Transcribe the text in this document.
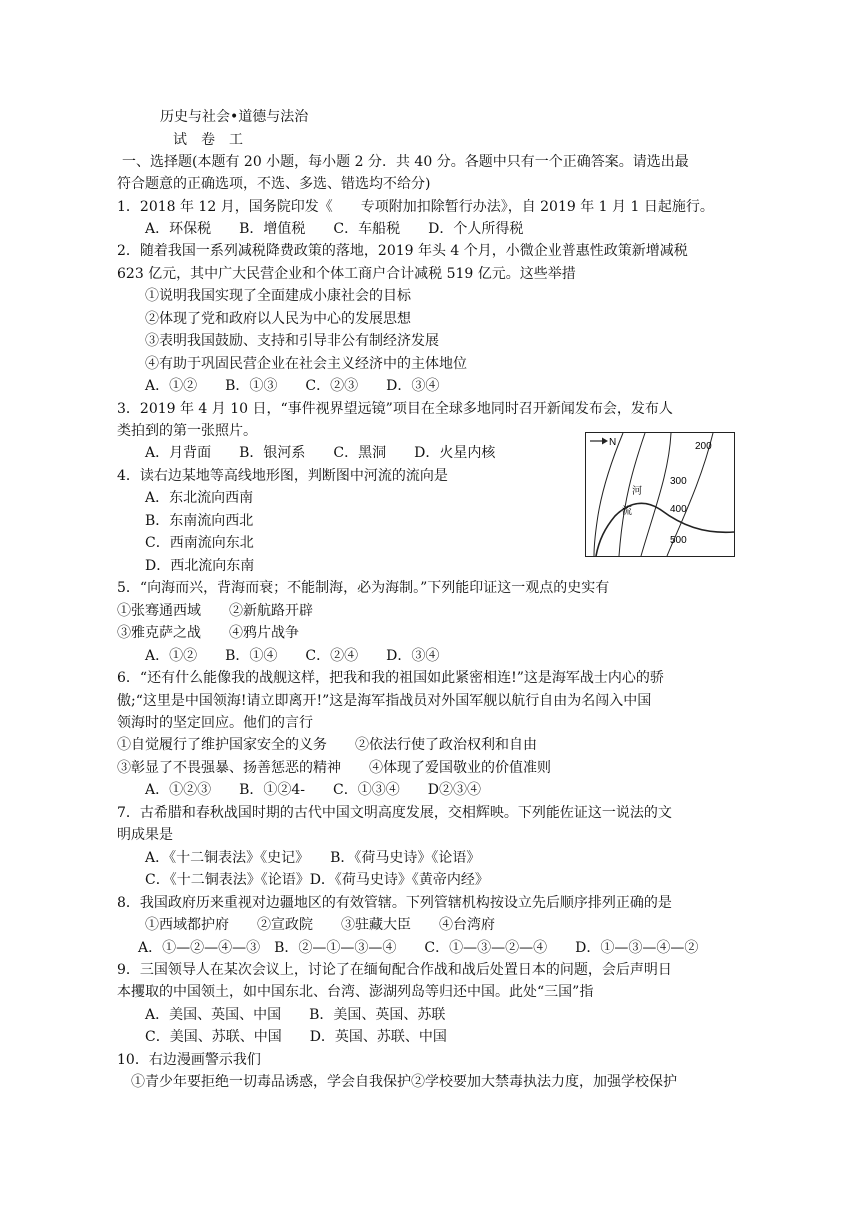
历史与社会•道德与法治
试　卷　工
一、选择题(本题有 20 小题，每小题 2 分．共 40 分。各题中只有一个正确答案。请选出最
符合题意的正确选项，不选、多选、错选均不给分)
1．2018 年 12 月，国务院印发《　　专项附加扣除暂行办法》，自 2019 年 1 月 1 日起施行。
A．环保税　　B．增值税　　C．车船税　　D．个人所得税
2．随着我国一系列减税降费政策的落地，2019 年头 4 个月，小微企业普惠性政策新增减税
623 亿元，其中广大民营企业和个体工商户合计减税 519 亿元。这些举措
①说明我国实现了全面建成小康社会的目标
②体现了党和政府以人民为中心的发展思想
③表明我国鼓励、支持和引导非公有制经济发展
④有助于巩固民营企业在社会主义经济中的主体地位
A．①②　　B．①③　　C．②③　　D．③④
3．2019 年 4 月 10 日，“事件视界望远镜”项目在全球多地同时召开新闻发布会，发布人
类拍到的第一张照片。
A．月背面　　B．银河系　　C．黑洞　　D．火星内核
4．读右边某地等高线地形图，判断图中河流的流向是
A．东北流向西南
B．东南流向西北
C．西南流向东北
D．西北流向东南
N
河
流
200
300
400
500
5．“向海而兴，背海而衰；不能制海，必为海制。”下列能印证这一观点的史实有
①张骞通西域　　②新航路开辟
③雅克萨之战　　④鸦片战争
A．①②　　B．①④　　C．②④　　D．③④
6．“还有什么能像我的战舰这样，把我和我的祖国如此紧密相连!”这是海军战士内心的骄
傲;“这里是中国领海!请立即离开!”这是海军指战员对外国军舰以航行自由为名闯入中国
领海时的坚定回应。他们的言行
①自觉履行了维护国家安全的义务　　②依法行使了政治权利和自由
③彰显了不畏强暴、扬善惩恶的精神　　④体现了爱国敬业的价值准则
A．①②③　　B．①②4-　　C．①③④　　D②③④
7．古希腊和春秋战国时期的古代中国文明高度发展，交相辉映。下列能佐证这一说法的文
明成果是
A．《十二铜表法》《史记》　　B．《荷马史诗》《论语》
C．《十二铜表法》《论语》D．《荷马史诗》《黄帝内经》
8．我国政府历来重视对边疆地区的有效管辖。下列管辖机构按设立先后顺序排列正确的是
①西域都护府　　②宣政院　　③驻藏大臣　　④台湾府
A．①—②—④—③　B．②—①—③—④　　C．①—③—②—④　　D．①—③—④—②
9．三国领导人在某次会议上，讨论了在缅甸配合作战和战后处置日本的问题，会后声明日
本攫取的中国领土，如中国东北、台湾、澎湖列岛等归还中国。此处“三国”指
A．美国、英国、中国　　B．美国、英国、苏联
C．美国、苏联、中国　　D．英国、苏联、中国
10．右边漫画警示我们
①青少年要拒绝一切毒品诱惑，学会自我保护②学校要加大禁毒执法力度，加强学校保护
